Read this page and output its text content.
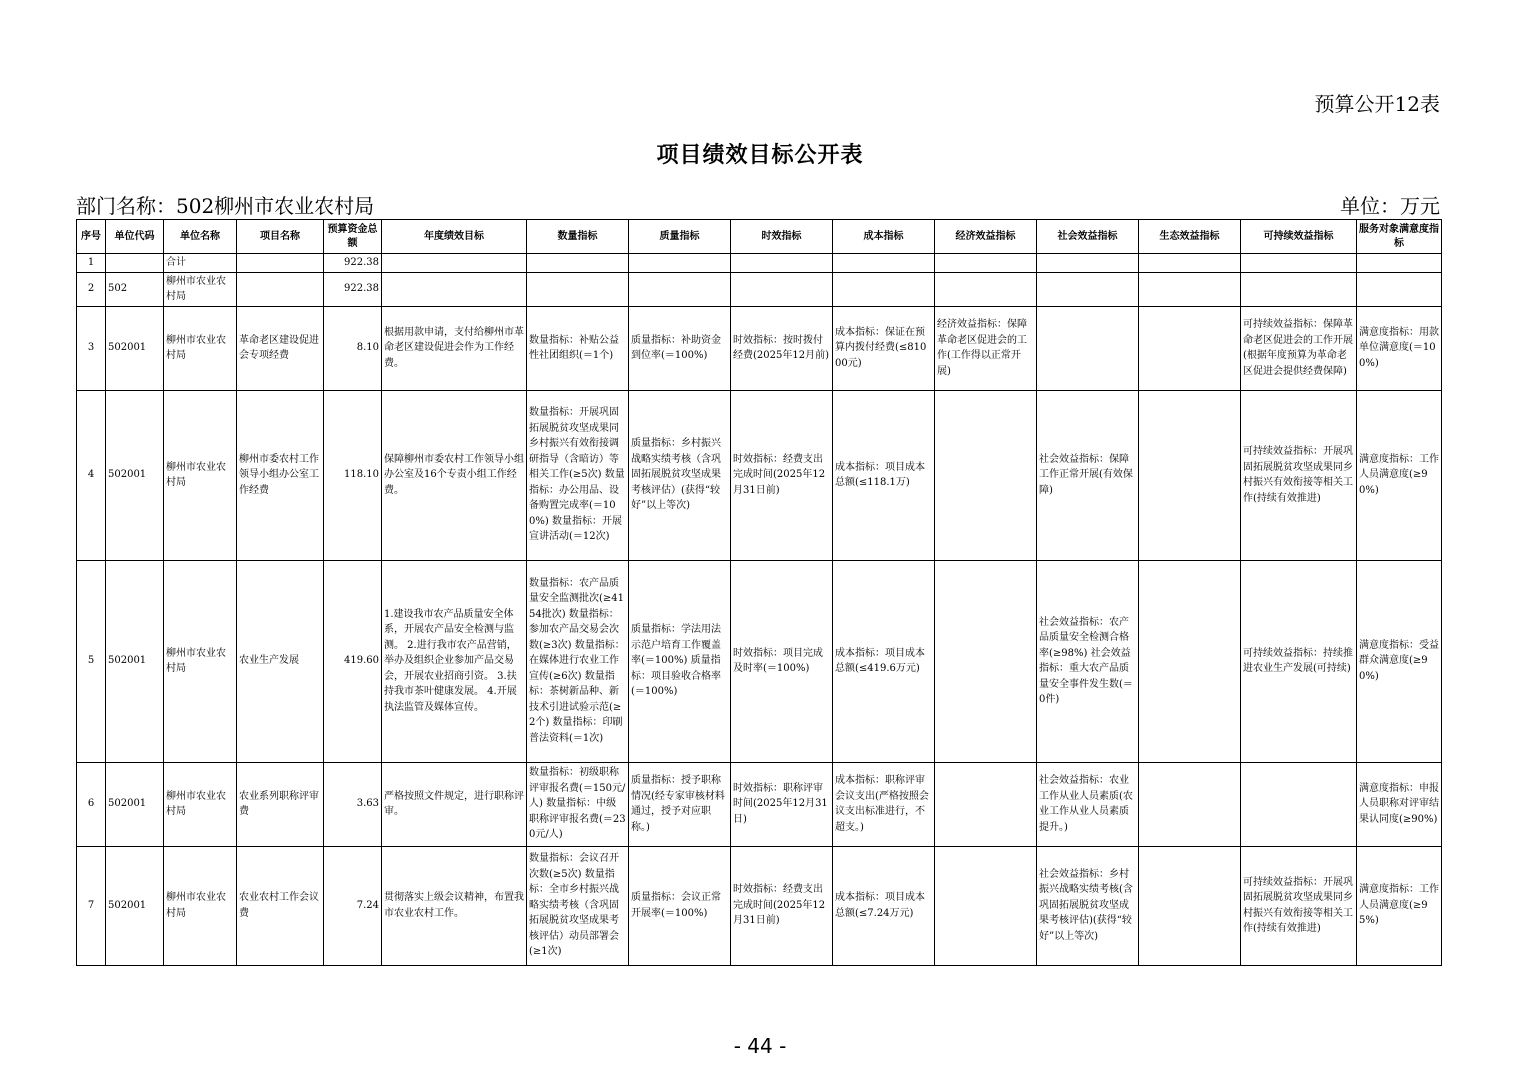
预算公开12表
项目绩效目标公开表
部门名称：502柳州市农业农村局	单位：万元
序号	单位代码	单位名称	项目名称	预算资金总额	年度绩效目标	数量指标	质量指标	时效指标	成本指标	经济效益指标	社会效益指标	生态效益指标	可持续效益指标	服务对象满意度指标
1		合计		922.38										
2	502	柳州市农业农村局		922.38										
3	502001	柳州市农业农村局	革命老区建设促进会专项经费	8.10	根据用款申请，支付给柳州市革命老区建设促进会作为工作经费。	数量指标：补贴公益性社团组织(＝1个)	质量指标：补助资金到位率(＝100%)	时效指标：按时拨付经费(2025年12月前)	成本指标：保证在预算内拨付经费(≤81000元)	经济效益指标：保障革命老区促进会的工作(工作得以正常开展)			可持续效益指标：保障革命老区促进会的工作开展(根据年度预算为革命老区促进会提供经费保障)	满意度指标：用款单位满意度(＝100%)
4	502001	柳州市农业农村局	柳州市委农村工作领导小组办公室工作经费	118.10	保障柳州市委农村工作领导小组办公室及16个专责小组工作经费。	数量指标：开展巩固拓展脱贫攻坚成果同乡村振兴有效衔接调研指导（含暗访）等相关工作(≥5次) 数量指标：办公用品、设备购置完成率(＝100%) 数量指标：开展宣讲活动(＝12次)	质量指标：乡村振兴战略实绩考核（含巩固拓展脱贫攻坚成果考核评估）(获得“较好”以上等次)	时效指标：经费支出完成时间(2025年12月31日前)	成本指标：项目成本总额(≤118.1万)		社会效益指标：保障工作正常开展(有效保障)		可持续效益指标：开展巩固拓展脱贫攻坚成果同乡村振兴有效衔接等相关工作(持续有效推进)	满意度指标：工作人员满意度(≥90%)
5	502001	柳州市农业农村局	农业生产发展	419.60	1.建设我市农产品质量安全体系，开展农产品安全检测与监测。 2.进行我市农产品营销，举办及组织企业参加产品交易会，开展农业招商引资。 3.扶持我市茶叶健康发展。 4.开展执法监管及媒体宣传。	数量指标：农产品质量安全监测批次(≥4154批次) 数量指标：参加农产品交易会次数(≥3次) 数量指标：在媒体进行农业工作宣传(≥6次) 数量指标：茶树新品种、新技术引进试验示范(≥2个) 数量指标：印刷普法资料(＝1次)	质量指标：学法用法示范户培育工作覆盖率(＝100%) 质量指标：项目验收合格率(＝100%)	时效指标：项目完成及时率(＝100%)	成本指标：项目成本总额(≤419.6万元)		社会效益指标：农产品质量安全检测合格率(≥98%) 社会效益指标：重大农产品质量安全事件发生数(＝0件)		可持续效益指标：持续推进农业生产发展(可持续)	满意度指标：受益群众满意度(≥90%)
6	502001	柳州市农业农村局	农业系列职称评审费	3.63	严格按照文件规定，进行职称评审。	数量指标：初级职称评审报名费(＝150元/人) 数量指标：中级职称评审报名费(＝230元/人)	质量指标：授予职称情况(经专家审核材料通过，授予对应职称。)	时效指标：职称评审时间(2025年12月31日)	成本指标：职称评审会议支出(严格按照会议支出标准进行，不超支。)		社会效益指标：农业工作从业人员素质(农业工作从业人员素质提升。)			满意度指标：申报人员职称对评审结果认同度(≥90%)
7	502001	柳州市农业农村局	农业农村工作会议费	7.24	贯彻落实上级会议精神，布置我市农业农村工作。	数量指标：会议召开次数(≥5次) 数量指标：全市乡村振兴战略实绩考核（含巩固拓展脱贫攻坚成果考核评估）动员部署会(≥1次)	质量指标：会议正常开展率(＝100%)	时效指标：经费支出完成时间(2025年12月31日前)	成本指标：项目成本总额(≤7.24万元)		社会效益指标：乡村振兴战略实绩考核(含巩固拓展脱贫攻坚成果考核评估)(获得“较好”以上等次)		可持续效益指标：开展巩固拓展脱贫攻坚成果同乡村振兴有效衔接等相关工作(持续有效推进)	满意度指标：工作人员满意度(≥95%)
- 44 -
